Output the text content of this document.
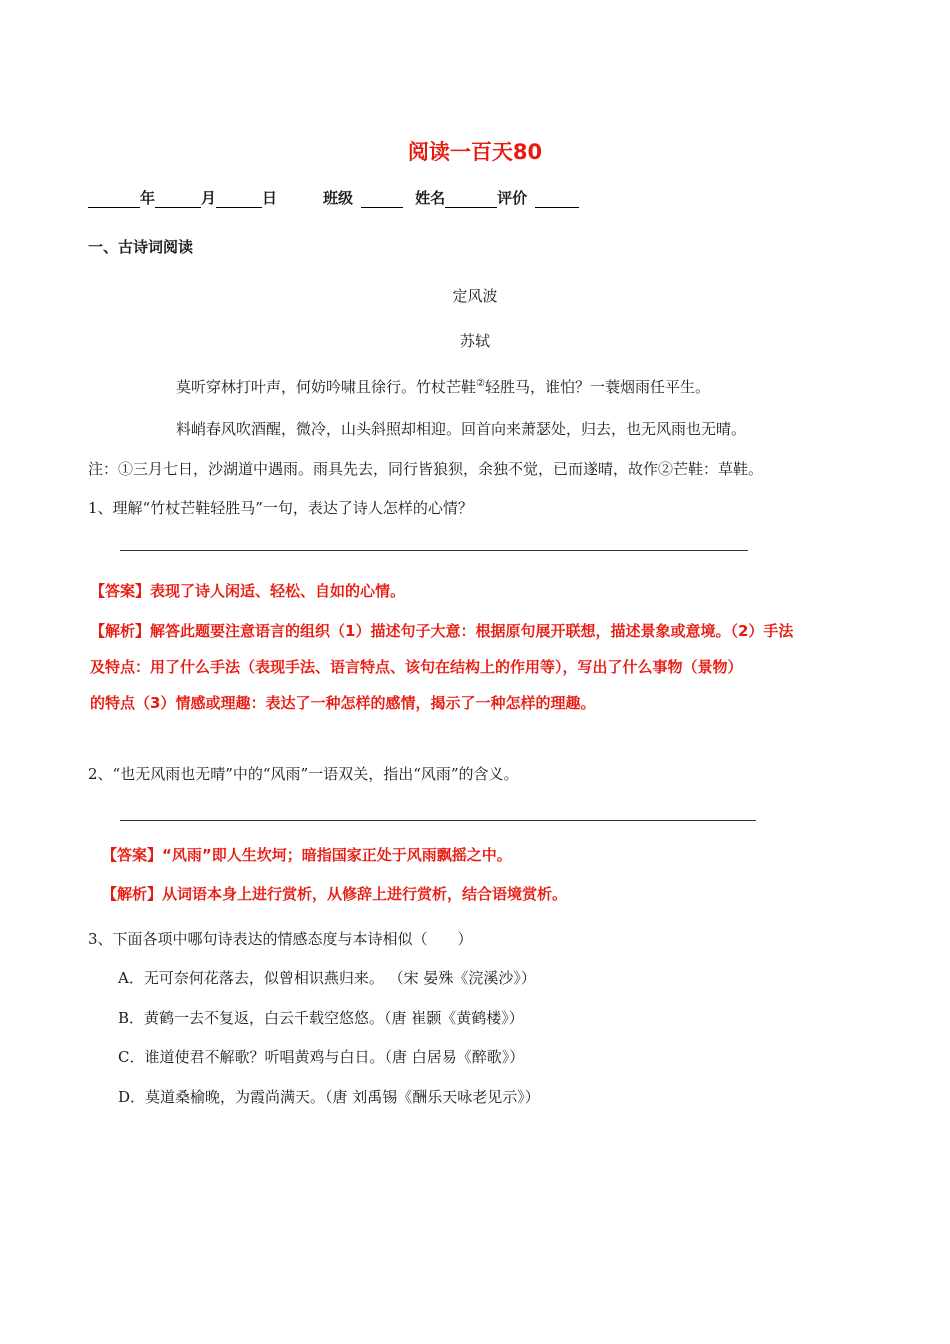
阅读一百天80
年	月	日	班级	姓名	评价
一、古诗词阅读
定风波
苏轼
莫听穿林打叶声，何妨吟啸且徐行。竹杖芒鞋②轻胜马，谁怕？一蓑烟雨任平生。
料峭春风吹酒醒，微冷，山头斜照却相迎。回首向来萧瑟处，归去，也无风雨也无晴。
注：①三月七日，沙湖道中遇雨。雨具先去，同行皆狼狈，余独不觉，已而遂晴，故作②芒鞋：草鞋。
1、理解“竹杖芒鞋轻胜马”一句，表达了诗人怎样的心情？
【答案】表现了诗人闲适、轻松、自如的心情。
【解析】解答此题要注意语言的组织（1）描述句子大意：根据原句展开联想，描述景象或意境。（2）手法
及特点：用了什么手法（表现手法、语言特点、该句在结构上的作用等），写出了什么事物（景物）
的特点（3）情感或理趣：表达了一种怎样的感情，揭示了一种怎样的理趣。
2、“也无风雨也无晴”中的“风雨”一语双关，指出“风雨”的含义。
【答案】“风雨”即人生坎坷；暗指国家正处于风雨飘摇之中。
【解析】从词语本身上进行赏析，从修辞上进行赏析，结合语境赏析。
3、下面各项中哪句诗表达的情感态度与本诗相似（　　）
A．无可奈何花落去，似曾相识燕归来。 （宋 晏殊《浣溪沙》）
B．黄鹤一去不复返，白云千载空悠悠。（唐 崔颢《黄鹤楼》）
C．谁道使君不解歌？听唱黄鸡与白日。（唐 白居易《醉歌》）
D．莫道桑榆晚，为霞尚满天。（唐 刘禹锡《酬乐天咏老见示》）
